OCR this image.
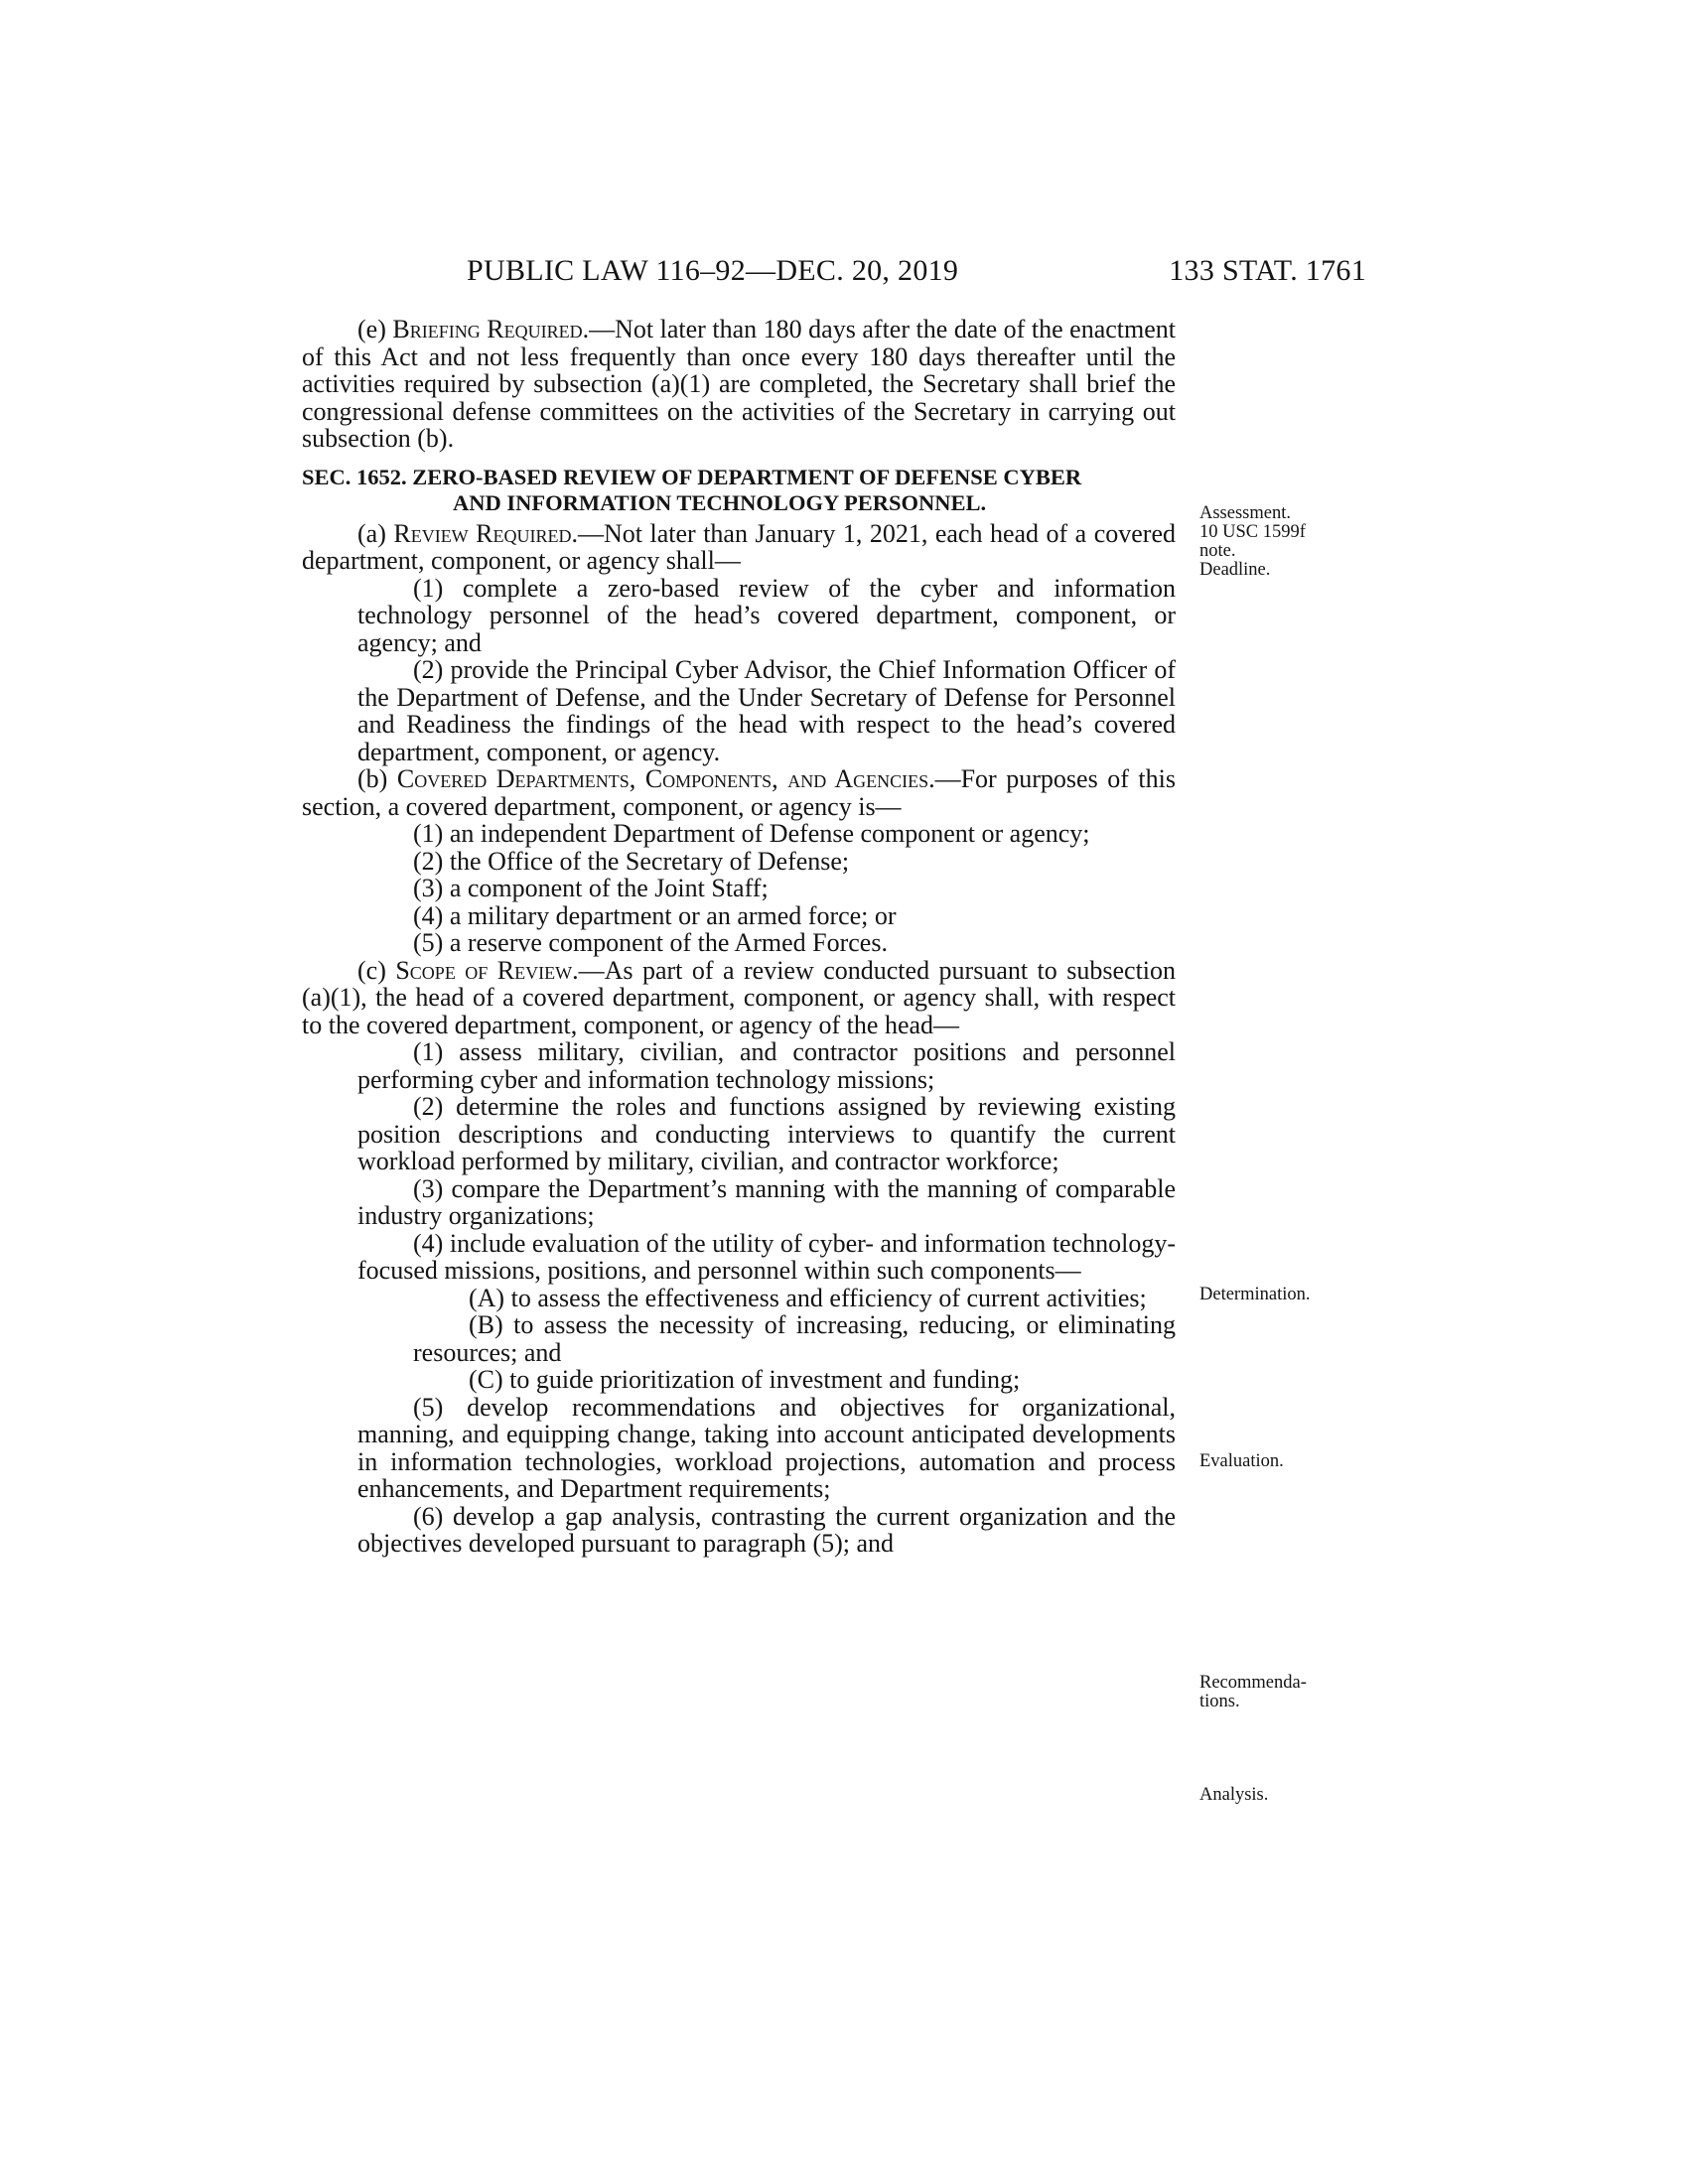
PUBLIC LAW 116–92—DEC. 20, 2019	133 STAT. 1761

(e) Briefing Required.—Not later than 180 days after the date of the enactment of this Act and not less frequently than once every 180 days thereafter until the activities required by subsection (a)(1) are completed, the Secretary shall brief the congressional defense committees on the activities of the Secretary in carrying out subsection (b).

SEC. 1652. ZERO-BASED REVIEW OF DEPARTMENT OF DEFENSE CYBER
AND INFORMATION TECHNOLOGY PERSONNEL.

(a) Review Required.—Not later than January 1, 2021, each head of a covered department, component, or agency shall—

(1) complete a zero-based review of the cyber and information technology personnel of the head’s covered department, component, or agency; and

(2) provide the Principal Cyber Advisor, the Chief Information Officer of the Department of Defense, and the Under Secretary of Defense for Personnel and Readiness the findings of the head with respect to the head’s covered department, component, or agency.

(b) Covered Departments, Components, and Agencies.—For purposes of this section, a covered department, component, or agency is—

(1) an independent Department of Defense component or agency;

(2) the Office of the Secretary of Defense;

(3) a component of the Joint Staff;

(4) a military department or an armed force; or

(5) a reserve component of the Armed Forces.

(c) Scope of Review.—As part of a review conducted pursuant to subsection (a)(1), the head of a covered department, component, or agency shall, with respect to the covered department, component, or agency of the head—

(1) assess military, civilian, and contractor positions and personnel performing cyber and information technology missions;

(2) determine the roles and functions assigned by reviewing existing position descriptions and conducting interviews to quantify the current workload performed by military, civilian, and contractor workforce;

(3) compare the Department’s manning with the manning of comparable industry organizations;

(4) include evaluation of the utility of cyber- and information technology-focused missions, positions, and personnel within such components—

(A) to assess the effectiveness and efficiency of current activities;

(B) to assess the necessity of increasing, reducing, or eliminating resources; and

(C) to guide prioritization of investment and funding;

(5) develop recommendations and objectives for organizational, manning, and equipping change, taking into account anticipated developments in information technologies, workload projections, automation and process enhancements, and Department requirements;

(6) develop a gap analysis, contrasting the current organization and the objectives developed pursuant to paragraph (5); and

Assessment.
10 USC 1599f
note.
Deadline.
Determination.
Evaluation.
Recommenda-
tions.
Analysis.
